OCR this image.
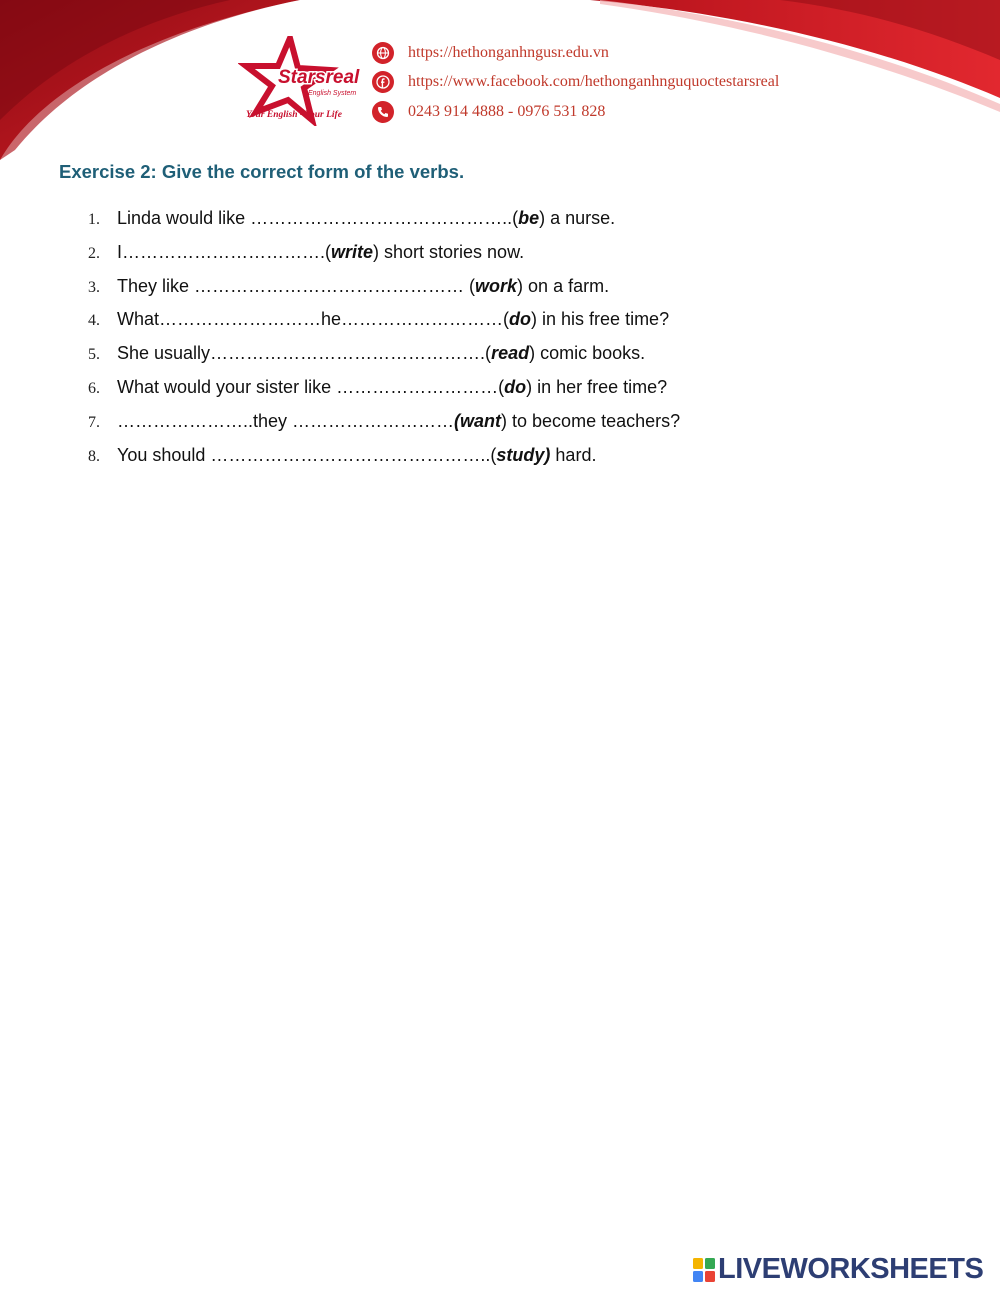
Starsreal
English System
Your English - Your Life
https://hethonganhngusr.edu.vn
https://www.facebook.com/hethonganhnguquoctestarsreal
0243 914 4888 - 0976 531 828
Exercise 2: Give the correct form of the verbs.
1. Linda would like ……………………………………..(be) a nurse.
2. I…………………………….(write) short stories now.
3. They like ……………………………………… (work) on a farm.
4. What………………………he………………………(do) in his free time?
5. She usually……………………………………….(read) comic books.
6. What would your sister like ………………………(do) in her free time?
7. …………………..they ………………………(want) to become teachers?
8. You should ………………………………………..(study) hard.
LIVEWORKSHEETS
